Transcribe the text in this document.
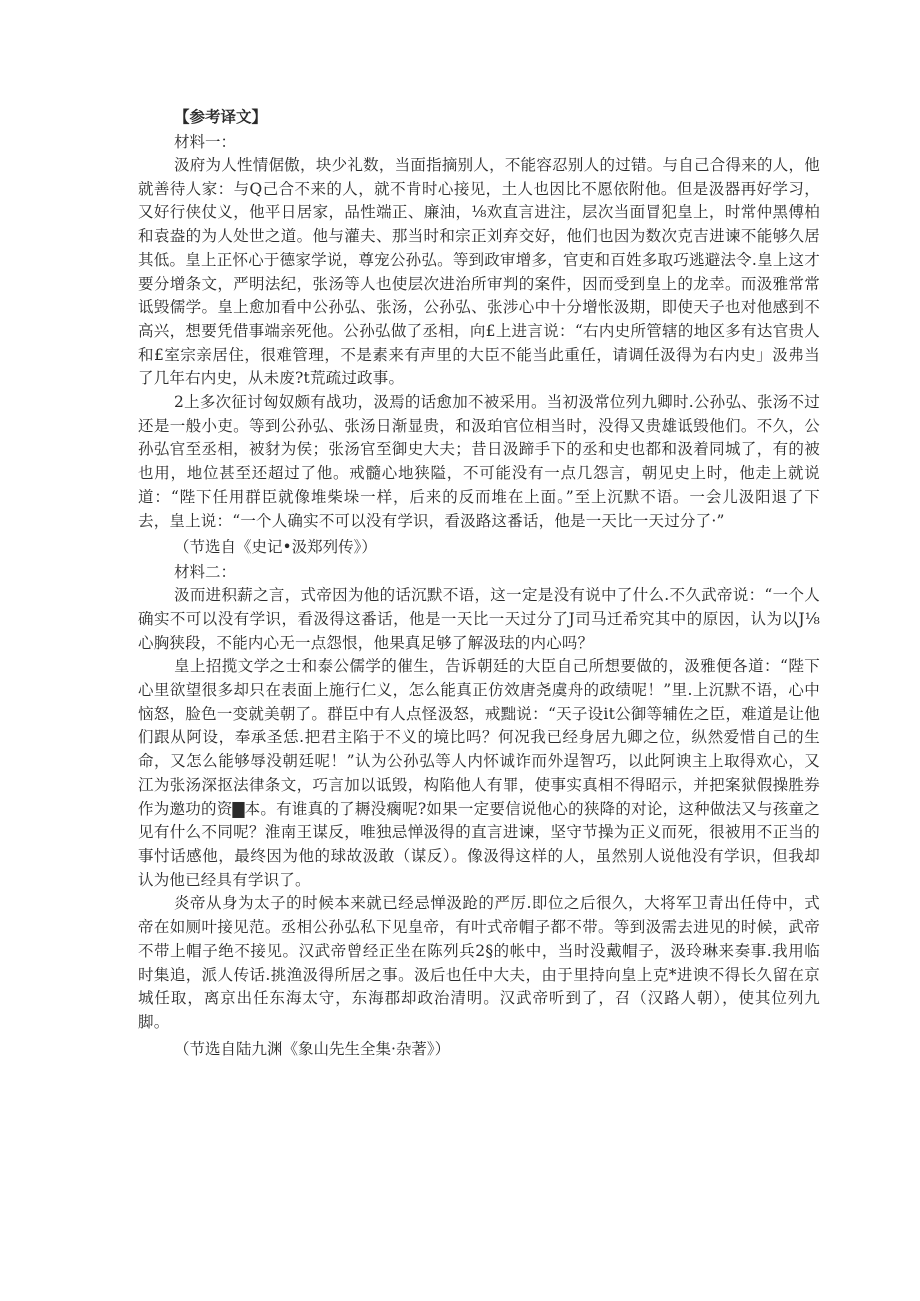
【参考译文】

材料一：

汲府为人性情倨傲，块少礼数，当面指摘别人，不能容忍别人的过错。与自己合得来的人，他就善待人家：与Q己合不来的人，就不肯时心接见，土人也因比不愿依附他。但是汲器再好学习，又好行侠仗义，他平日居家，品性端正、廉油，⅛欢直言进注，层次当面冒犯皇上，时常仲黑傅柏和袁盎的为人处世之道。他与灌夫、那当时和宗正刘弃交好，他们也因为数次克吉进谏不能够久居其低。皇上正怀心于德家学说，尊宠公孙弘。等到政审增多，官吏和百姓多取巧逃避法令.皇上这才要分增条文，严明法纪，张汤等人也使层次进治所审判的案件，因而受到皇上的龙幸。而汲雅常常诋毁儒学。皇上愈加看中公孙弘、张汤，公孙弘、张涉心中十分增怅汲期，即使天子也对他感到不高兴，想要凭借事端亲死他。公孙弘做了丞相，向£上进言说：“右内史所管辖的地区多有达官贵人和£室宗亲居住，很难管理，不是素来有声里的大臣不能当此重任，请调任汲得为右内史」汲弗当了几年右内史，从未废?t荒疏过政事。

2上多次征讨匈奴颇有战功，汲焉的话愈加不被采用。当初汲常位列九卿时.公孙弘、张汤不过还是一般小吏。等到公孙弘、张汤日渐显贵，和汲珀官位相当时，没得又贵雄诋毁他们。不久，公孙弘官至丞相，被豺为侯；张汤官至御史大夫；昔日汲蹄手下的丞和史也都和汲着同城了，有的被也用，地位甚至还超过了他。戒髓心地狭隘，不可能没有一点几怨言，朝见史上时，他走上就说道：“陛下任用群臣就像堆柴垛一样，后来的反而堆在上面。”至上沉默不语。一会儿汲阳退了下去，皇上说：“一个人确实不可以没有学识，看汲路这番话，他是一天比一天过分了·”

（节选自《史记•汲郑列传》）

材料二：

汲而进积薪之言，式帝因为他的话沉默不语，这一定是没有说中了什么.不久武帝说：“一个人确实不可以没有学识，看汲得这番话，他是一天比一天过分了J司马迁希究其中的原因，认为以J⅛心胸狭段，不能内心无一点怨恨，他果真足够了解汲珐的内心吗？

皇上招揽文学之士和泰公儒学的催生，告诉朝廷的大臣自己所想要做的，汲雅便各道：“陛下心里欲望很多却只在表面上施行仁义，怎么能真正仿效唐尧虞舟的政绩呢！”里.上沉默不语，心中恼怒，脸色一变就美朝了。群臣中有人点怪汲怒，戒黜说：“天子设it公御等辅佐之臣，难道是让他们跟从阿设，奉承圣恁.把君主陷于不义的境比吗？何况我已经身居九卿之位，纵然爱惜自己的生命，又怎么能够辱没朝廷呢！”认为公孙弘等人内怀诚诈而外逞智巧，以此阿谀主上取得欢心，又江为张汤深抠法律条文，巧言加以诋毁，构陷他人有罪，使事实真相不得昭示，并把案狱假操胜券作为邀功的资▇本。有谁真的了耨没瘸呢?如果一定要信说他心的狭降的对论，这种做法又与孩童之见有什么不同呢？淮南王谋反，唯独忌惮汲得的直言进谏，坚守节操为正义而死，很被用不正当的事忖话感他，最终因为他的球故汲敢（谋反）。像汲得这样的人，虽然别人说他没有学识，但我却认为他已经具有学识了。

炎帝从身为太子的时候本来就已经忌惮汲跄的严厉.即位之后很久，大将军卫青出任侍中，式帝在如厕叶接见范。丞相公孙弘私下见皇帝，有叶式帝帽子都不带。等到汲需去进见的时候，武帝不带上帽子绝不接见。汉武帝曾经正坐在陈列兵2§的帐中，当时没戴帽子，汲玲琳来奏事.我用临时集追，派人传话.挑渔汲得所居之事。汲后也任中大夫，由于里持向皇上克*进谀不得长久留在京城任取，离京出任东海太守，东海郡却政治清明。汉武帝听到了，召（汉路人朝），使其位列九脚。

（节选自陆九渊《象山先生全集·杂著》）
